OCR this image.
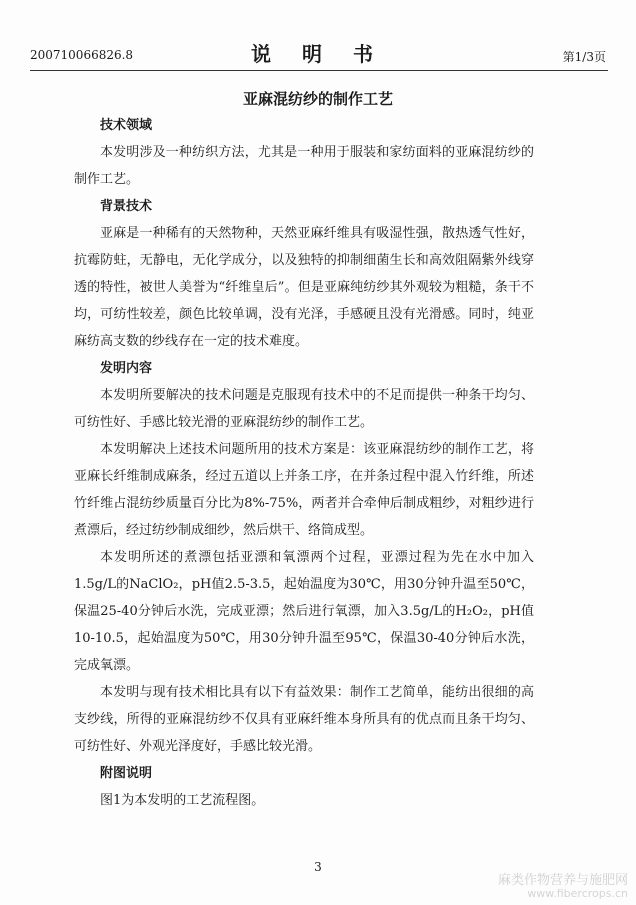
200710066826.8	说 明 书	第1/3页
亚麻混纺纱的制作工艺
技术领域

本发明涉及一种纺织方法，尤其是一种用于服装和家纺面料的亚麻混纺纱的制作工艺。

背景技术

亚麻是一种稀有的天然物种，天然亚麻纤维具有吸湿性强，散热透气性好，抗霉防蛀，无静电，无化学成分，以及独特的抑制细菌生长和高效阻隔紫外线穿透的特性，被世人美誉为“纤维皇后”。但是亚麻纯纺纱其外观较为粗糙，条干不均，可纺性较差，颜色比较单调，没有光泽，手感硬且没有光滑感。同时，纯亚麻纺高支数的纱线存在一定的技术难度。

发明内容

本发明所要解决的技术问题是克服现有技术中的不足而提供一种条干均匀、可纺性好、手感比较光滑的亚麻混纺纱的制作工艺。

本发明解决上述技术问题所用的技术方案是：该亚麻混纺纱的制作工艺，将亚麻长纤维制成麻条，经过五道以上并条工序，在并条过程中混入竹纤维，所述竹纤维占混纺纱质量百分比为8%-75%，两者并合牵伸后制成粗纱，对粗纱进行煮漂后，经过纺纱制成细纱，然后烘干、络筒成型。

本发明所述的煮漂包括亚漂和氧漂两个过程，亚漂过程为先在水中加入1.5g/L的NaClO₂，pH值2.5-3.5，起始温度为30℃，用30分钟升温至50℃，保温25-40分钟后水洗，完成亚漂；然后进行氧漂，加入3.5g/L的H₂O₂，pH值10-10.5，起始温度为50℃，用30分钟升温至95℃，保温30-40分钟后水洗，完成氧漂。

本发明与现有技术相比具有以下有益效果：制作工艺简单，能纺出很细的高支纱线，所得的亚麻混纺纱不仅具有亚麻纤维本身所具有的优点而且条干均匀、可纺性好、外观光泽度好，手感比较光滑。

附图说明

图1为本发明的工艺流程图。

3
麻类作物营养与施肥网
www.fibercrops.cn
